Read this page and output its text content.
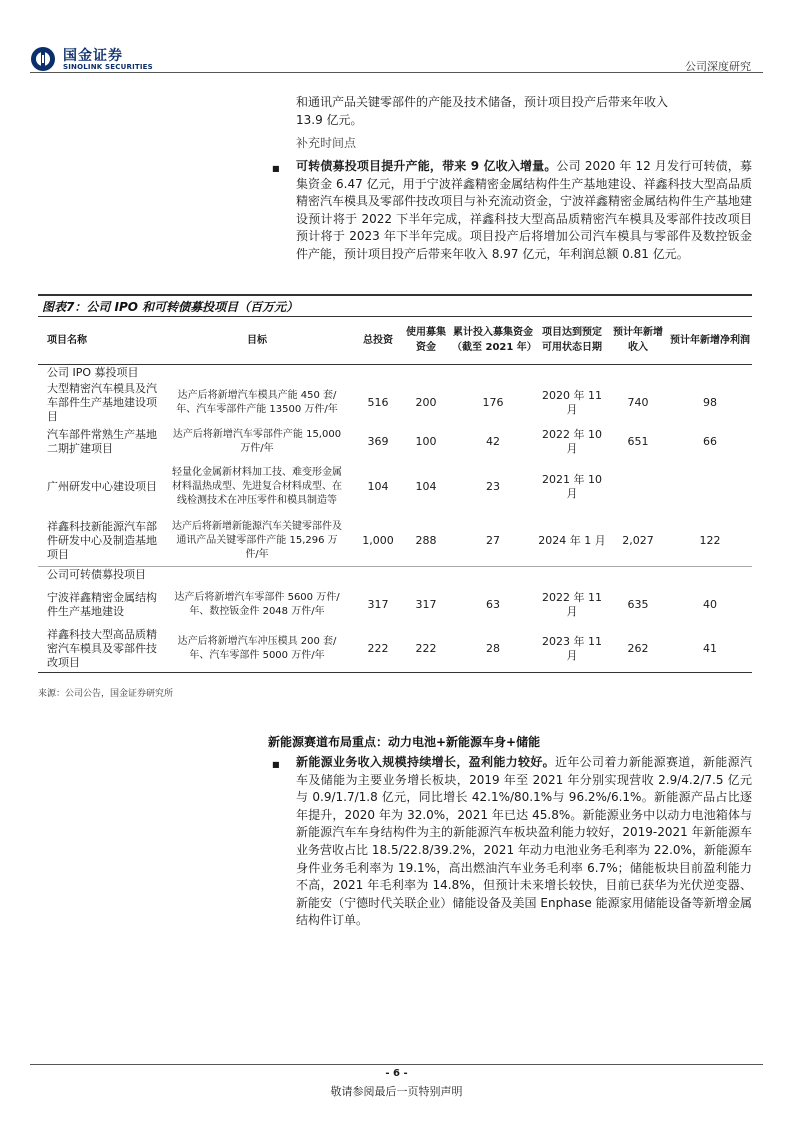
国金证券
SINOLINK SECURITIES	公司深度研究
和通讯产品关键零部件的产能及技术储备，预计项目投产后带来年收入
13.9 亿元。
补充时间点
■ 可转债募投项目提升产能，带来 9 亿收入增量。公司 2020 年 12 月发行可转债，募集资金 6.47 亿元，用于宁波祥鑫精密金属结构件生产基地建设、祥鑫科技大型高品质精密汽车模具及零部件技改项目与补充流动资金，宁波祥鑫精密金属结构件生产基地建设预计将于 2022 下半年完成，祥鑫科技大型高品质精密汽车模具及零部件技改项目预计将于 2023 年下半年完成。项目投产后将增加公司汽车模具与零部件及数控钣金件产能，预计项目投产后带来年收入 8.97 亿元，年利润总额 0.81 亿元。
图表7：公司 IPO 和可转债募投项目（百万元）
项目名称	目标	总投资	使用募集资金	累计投入募集资金（截至 2021 年）	项目达到预定可用状态日期	预计年新增收入	预计年新增净利润
公司 IPO 募投项目							
大型精密汽车模具及汽车部件生产基地建设项目	达产后将新增汽车模具产能 450 套/年、汽车零部件产能 13500 万件/年	516	200	176	2020 年 11 月	740	98
汽车部件常熟生产基地二期扩建项目	达产后将新增汽车零部件产能 15,000 万件/年	369	100	42	2022 年 10 月	651	66
广州研发中心建设项目	轻量化金属新材料加工技、难变形金属材料温热成型、先进复合材料成型、在线检测技术在冲压零件和模具制造等	104	104	23	2021 年 10 月		
祥鑫科技新能源汽车部件研发中心及制造基地项目	达产后将新增新能源汽车关键零部件及通讯产品关键零部件产能 15,296 万件/年	1,000	288	27	2024 年 1 月	2,027	122
公司可转债募投项目							
宁波祥鑫精密金属结构件生产基地建设	达产后将新增汽车零部件 5600 万件/年、数控钣金件 2048 万件/年	317	317	63	2022 年 11 月	635	40
祥鑫科技大型高品质精密汽车模具及零部件技改项目	达产后将新增汽车冲压模具 200 套/年、汽车零部件 5000 万件/年	222	222	28	2023 年 11 月	262	41
来源：公司公告，国金证券研究所
新能源赛道布局重点：动力电池+新能源车身+储能
■ 新能源业务收入规模持续增长，盈利能力较好。近年公司着力新能源赛道，新能源汽车及储能为主要业务增长板块，2019 年至 2021 年分别实现营收 2.9/4.2/7.5 亿元与 0.9/1.7/1.8 亿元，同比增长 42.1%/80.1%与 96.2%/6.1%。新能源产品占比逐年提升，2020 年为 32.0%，2021 年已达 45.8%。新能源业务中以动力电池箱体与新能源汽车车身结构件为主的新能源汽车板块盈利能力较好，2019-2021 年新能源车业务营收占比 18.5/22.8/39.2%，2021 年动力电池业务毛利率为 22.0%，新能源车身件业务毛利率为 19.1%，高出燃油汽车业务毛利率 6.7%；储能板块目前盈利能力不高，2021 年毛利率为 14.8%，但预计未来增长较快，目前已获华为光伏逆变器、新能安（宁德时代关联企业）储能设备及美国 Enphase 能源家用储能设备等新增金属结构件订单。
- 6 -
敬请参阅最后一页特别声明
